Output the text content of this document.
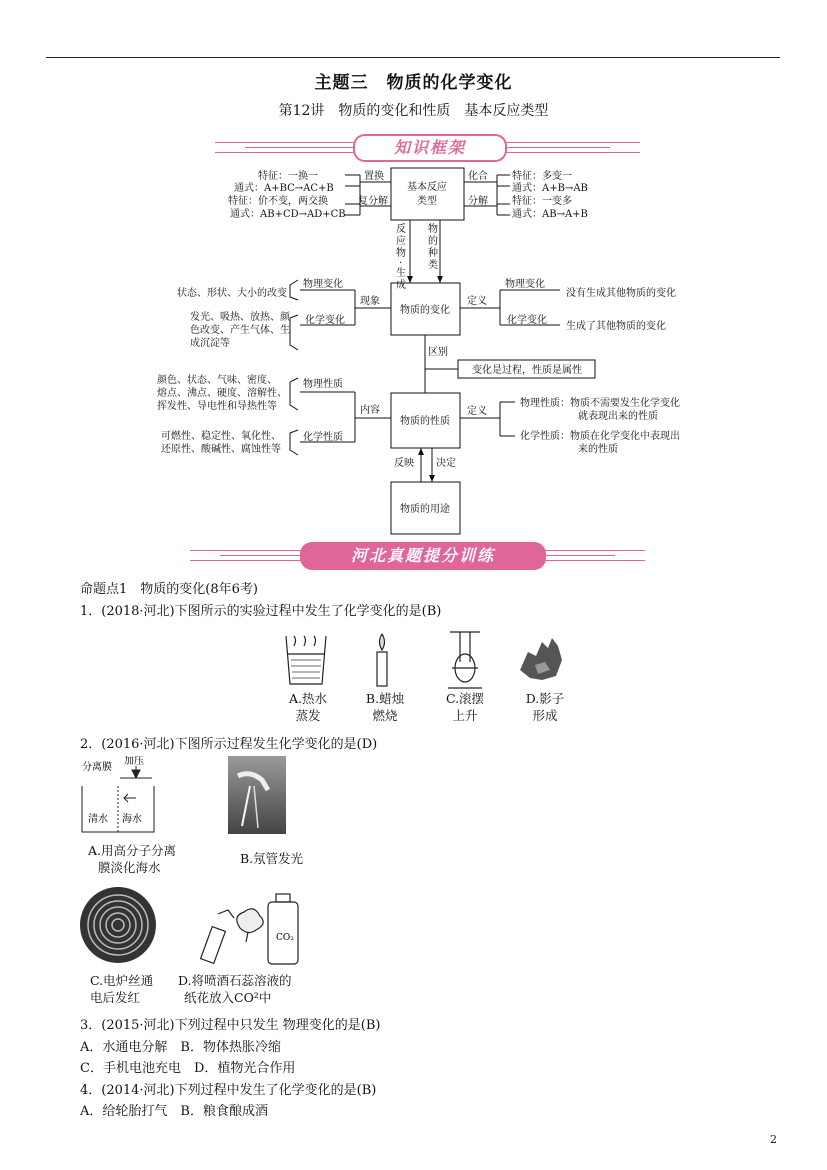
主题三　物质的化学变化
第12讲　物质的变化和性质　基本反应类型
知识框架
基本反应
类型
置换
复分解
特征：一换一
通式：A+BC→AC+B
特征：价不变，两交换
通式：AB+CD→AD+CB
化合
分解
特征：多变一
通式：A+B→AB
特征：一变多
通式：AB→A+B
反
应
物
·
生
成
物
的
种
类
物质的变化
现象	定义
物理变化
化学变化
物理变化
化学变化
状态、形状、大小的改变
发光、吸热、放热、颜
色改变、产生气体、生
成沉淀等
没有生成其他物质的变化
生成了其他物质的变化
区别
变化是过程，性质是属性
物质的性质
内容	定义
物理性质
化学性质
颜色、状态、气味、密度、
熔点、沸点、硬度、溶解性、
挥发性、导电性和导热性等
可燃性、稳定性、氧化性、
还原性、酸碱性、腐蚀性等
物理性质：物质不需要发生化学变化
就表现出来的性质
化学性质：物质在化学变化中表现出
来的性质
反映 决定
物质的用途
河北真题提分训练
命题点1　物质的变化(8年6考)
1．(2018·河北)下图所示的实验过程中发生了化学变化的是(B)
A.热水
蒸发
B.蜡烛
燃烧
C.滚摆
上升
D.影子
形成
2．(2016·河北)下图所示过程发生化学变化的是(D)
分离膜
加压
清水 海水
A.用高分子分离
膜淡化海水
B.氖管发光
CO₂
C.电炉丝通
电后发红
D.将喷酒石蕊溶液的
纸花放入CO²中
3．(2015·河北)下列过程中只发生 物理变化的是(B)
A．水通电分解　B．物体热胀冷缩
C．手机电池充电　D．植物光合作用
4．(2014·河北)下列过程中发生了化学变化的是(B)
A．给轮胎打气　B．粮食酿成酒
2
